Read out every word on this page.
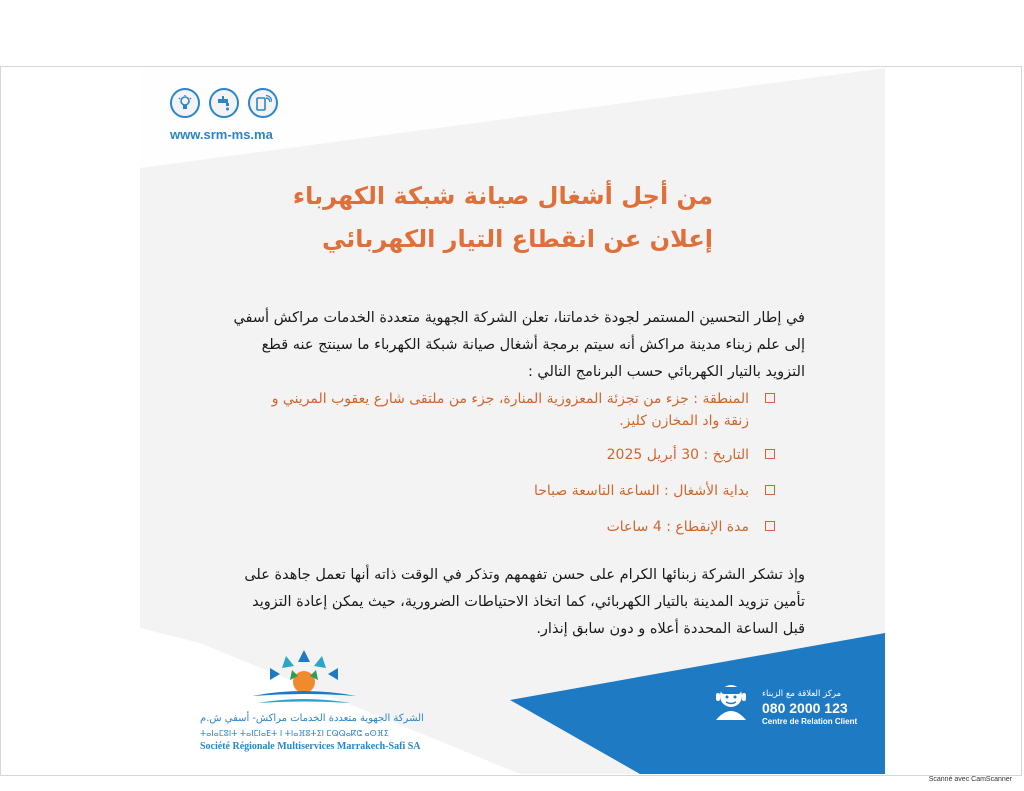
www.srm-ms.ma
من أجل أشغال صيانة شبكة الكهرباء
إعلان عن انقطاع التيار الكهربائي
في إطار التحسين المستمر لجودة خدماتنا، تعلن الشركة الجهوية متعددة الخدمات مراكش أسفي
إلى علم زبناء مدينة مراكش أنه سيتم برمجة أشغال صيانة شبكة الكهرباء ما سينتج عنه قطع
التزويد بالتيار الكهربائي حسب البرنامج التالي :
المنطقة : جزء من تجزئة المعزوزية المنارة، جزء من ملتقى شارع يعقوب المريني و
زنقة واد المخازن كليز.
التاريخ : 30 أبريل 2025
بداية الأشغال : الساعة التاسعة صباحا
مدة الإنقطاع : 4 ساعات
وإذ تشكر الشركة زبنائها الكرام على حسن تفهمهم وتذكر في الوقت ذاته أنها تعمل جاهدة على
تأمين تزويد المدينة بالتيار الكهربائي، كما اتخاذ الاحتياطات الضرورية، حيث يمكن إعادة التزويد
قبل الساعة المحددة أعلاه و دون سابق إنذار.
الشركة الجهوية متعددة الخدمات مراكش- أسفي ش.م
ⵜⴰⵏⴰⵎⵓⵏⵜ ⵜⴰⵏⵎⵏⴰⴹⵜ ⵏ ⵜⵏⴰⴼⵓⵜⵉⵏ ⵎⵕⵕⴰⴽⵛ ⴰⵙⴼⵉ
Société Régionale Multiservices Marrakech-Safi SA
مركز العلاقة مع الزبناء
080 2000 123
Centre de Relation Client
Scanné avec CamScanner
